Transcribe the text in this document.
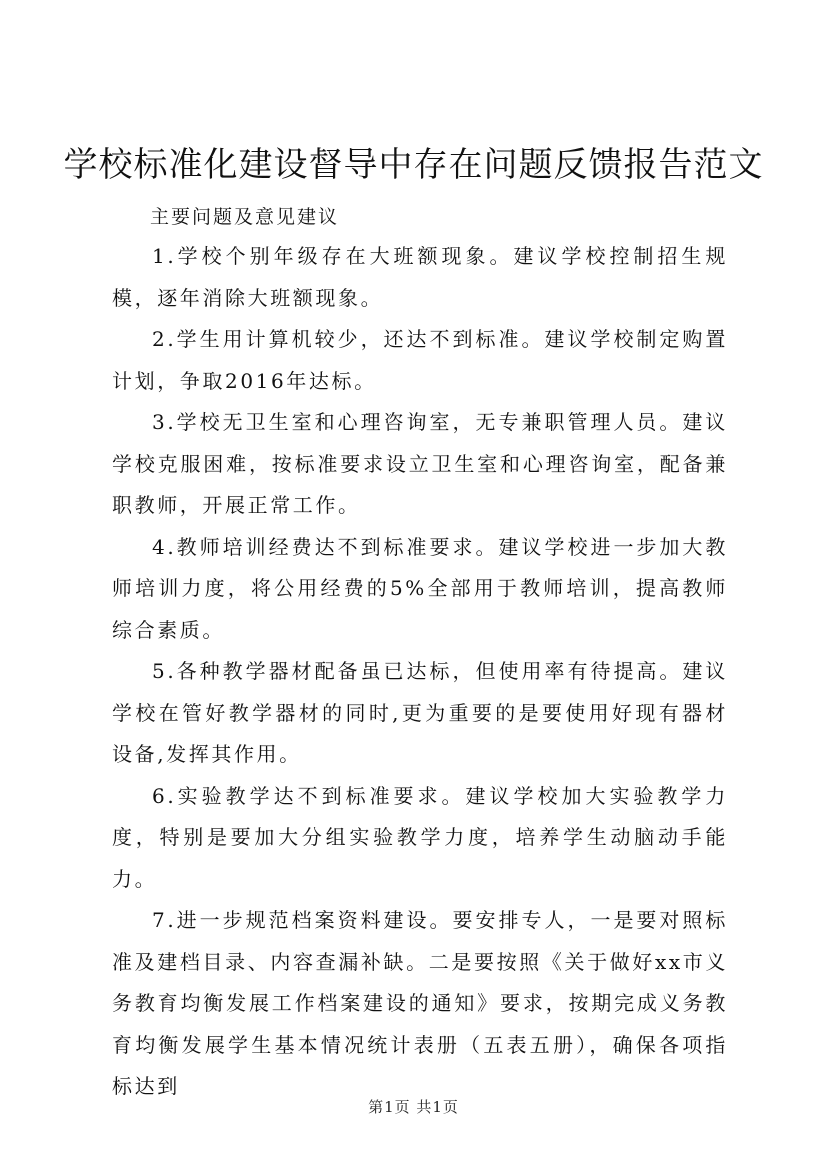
学校标准化建设督导中存在问题反馈报告范文

主要问题及意见建议

1.学校个别年级存在大班额现象。建议学校控制招生规模，逐年消除大班额现象。

2.学生用计算机较少，还达不到标准。建议学校制定购置计划，争取2016年达标。

3.学校无卫生室和心理咨询室，无专兼职管理人员。建议学校克服困难，按标准要求设立卫生室和心理咨询室，配备兼职教师，开展正常工作。

4.教师培训经费达不到标准要求。建议学校进一步加大教师培训力度，将公用经费的5%全部用于教师培训，提高教师综合素质。

5.各种教学器材配备虽已达标，但使用率有待提高。建议学校在管好教学器材的同时,更为重要的是要使用好现有器材设备,发挥其作用。

6.实验教学达不到标准要求。建议学校加大实验教学力度，特别是要加大分组实验教学力度，培养学生动脑动手能力。

7.进一步规范档案资料建设。要安排专人，一是要对照标准及建档目录、内容查漏补缺。二是要按照《关于做好xx市义务教育均衡发展工作档案建设的通知》要求，按期完成义务教育均衡发展学生基本情况统计表册（五表五册），确保各项指标达到

第1页 共1页
